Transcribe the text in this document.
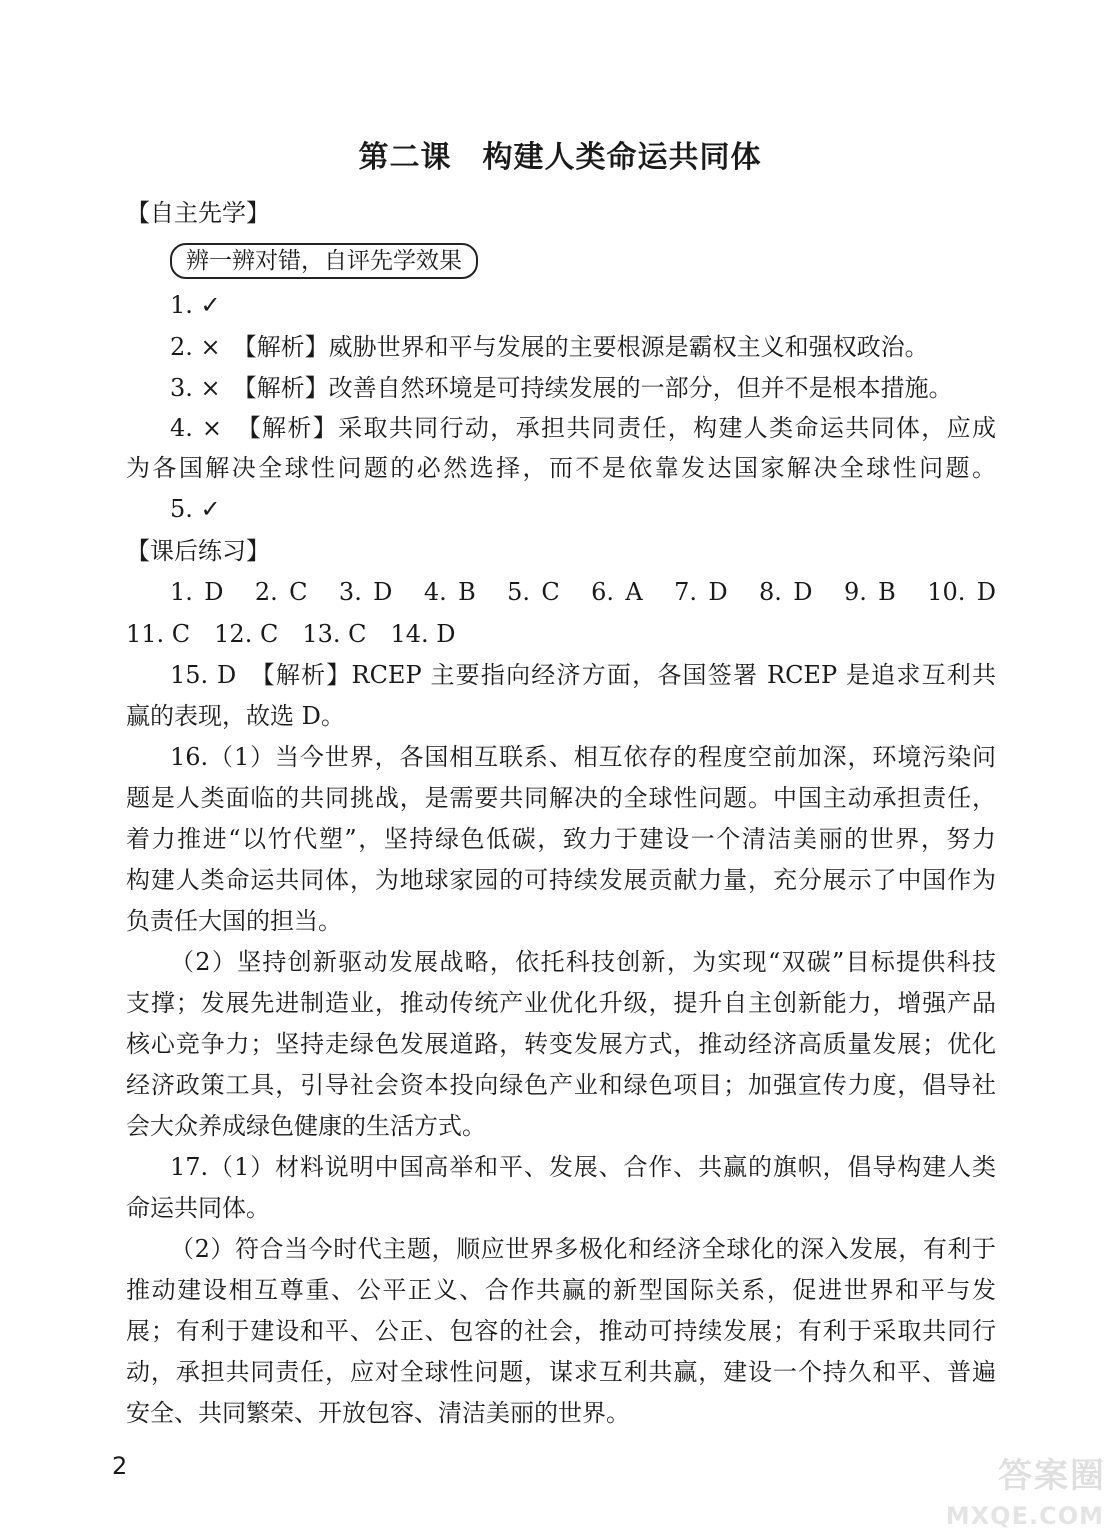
第二课　构建人类命运共同体
【自主先学】
辨一辨对错，自评先学效果
1. ✓
2. ×　【解析】威胁世界和平与发展的主要根源是霸权主义和强权政治。
3. ×　【解析】改善自然环境是可持续发展的一部分，但并不是根本措施。
4. ×　【解析】采取共同行动，承担共同责任，构建人类命运共同体，应成
为各国解决全球性问题的必然选择，而不是依靠发达国家解决全球性问题。
5. ✓
【课后练习】
1. D　2. C　3. D　4. B　5. C　6. A　7. D　8. D　9. B　10. D
11. C　12. C　13. C　14. D
15. D　【解析】RCEP 主要指向经济方面，各国签署 RCEP 是追求互利共
赢的表现，故选 D。
16.（1）当今世界，各国相互联系、相互依存的程度空前加深，环境污染问
题是人类面临的共同挑战，是需要共同解决的全球性问题。中国主动承担责任，
着力推进“以竹代塑”，坚持绿色低碳，致力于建设一个清洁美丽的世界，努力
构建人类命运共同体，为地球家园的可持续发展贡献力量，充分展示了中国作为
负责任大国的担当。
（2）坚持创新驱动发展战略，依托科技创新，为实现“双碳”目标提供科技
支撑；发展先进制造业，推动传统产业优化升级，提升自主创新能力，增强产品
核心竞争力；坚持走绿色发展道路，转变发展方式，推动经济高质量发展；优化
经济政策工具，引导社会资本投向绿色产业和绿色项目；加强宣传力度，倡导社
会大众养成绿色健康的生活方式。
17.（1）材料说明中国高举和平、发展、合作、共赢的旗帜，倡导构建人类
命运共同体。
（2）符合当今时代主题，顺应世界多极化和经济全球化的深入发展，有利于
推动建设相互尊重、公平正义、合作共赢的新型国际关系，促进世界和平与发
展；有利于建设和平、公正、包容的社会，推动可持续发展；有利于采取共同行
动，承担共同责任，应对全球性问题，谋求互利共赢，建设一个持久和平、普遍
安全、共同繁荣、开放包容、清洁美丽的世界。
2	答案圈
MXQE.COM
